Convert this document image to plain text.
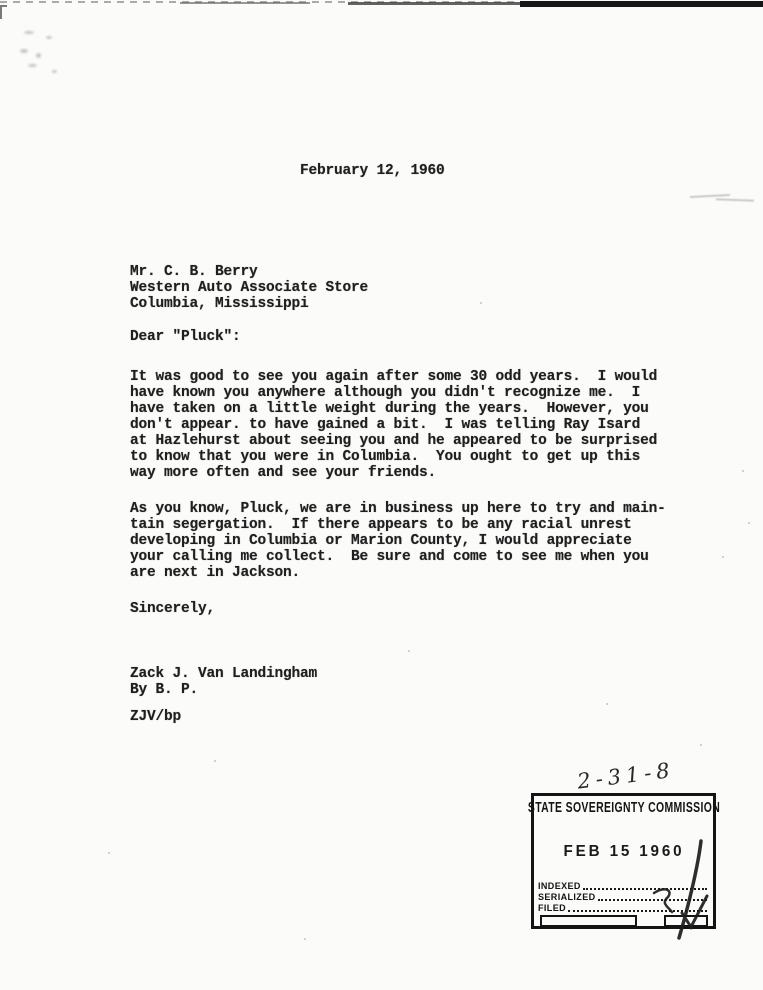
February 12, 1960
Mr. C. B. Berry
Western Auto Associate Store
Columbia, Mississippi
Dear "Pluck":
It was good to see you again after some 30 odd years.  I would
have known you anywhere although you didn't recognize me.  I
have taken on a little weight during the years.  However, you
don't appear. to have gained a bit.  I was telling Ray Isard
at Hazlehurst about seeing you and he appeared to be surprised
to know that you were in Columbia.  You ought to get up this
way more often and see your friends.
As you know, Pluck, we are in business up here to try and main-
tain segergation.  If there appears to be any racial unrest
developing in Columbia or Marion County, I would appreciate
your calling me collect.  Be sure and come to see me when you
are next in Jackson.
Sincerely,
Zack J. Van Landingham
By B. P.
ZJV/bp
2-31-8
STATE SOVEREIGNTY COMMISSION
FEB 15 1960
INDEXED
SERIALIZED
FILED
